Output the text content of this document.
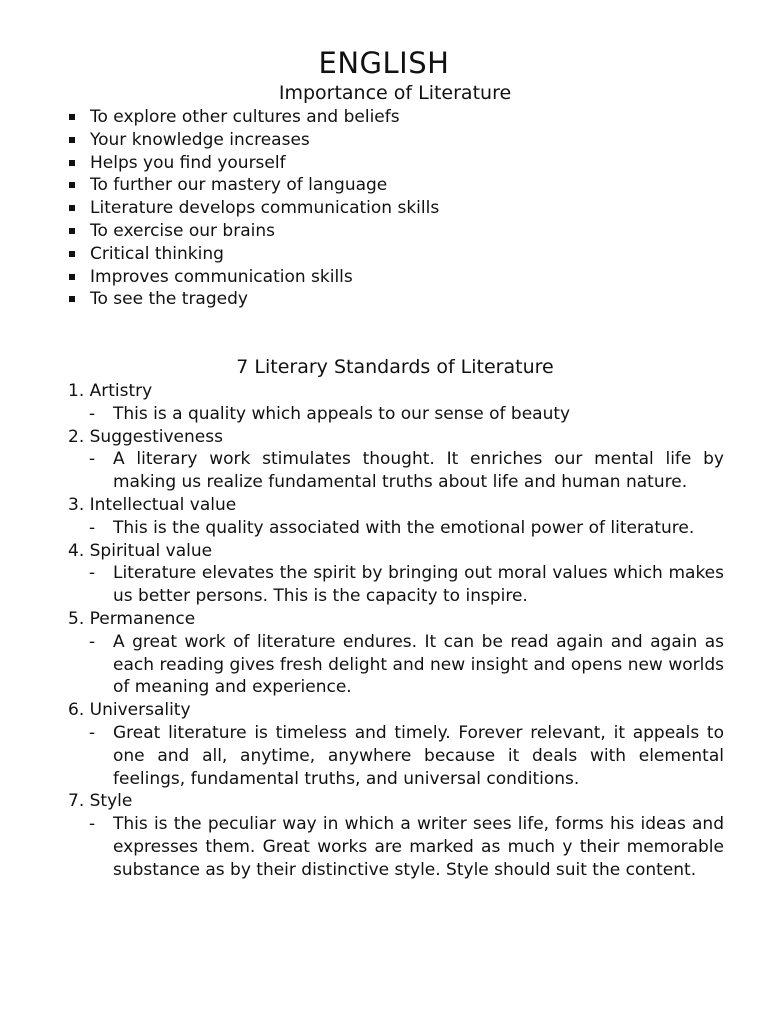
ENGLISH
Importance of Literature
To explore other cultures and beliefs
Your knowledge increases
Helps you find yourself
To further our mastery of language
Literature develops communication skills
To exercise our brains
Critical thinking
Improves communication skills
To see the tragedy
7 Literary Standards of Literature
1. Artistry
- This is a quality which appeals to our sense of beauty
2. Suggestiveness
- A literary work stimulates thought. It enriches our mental life by making us realize fundamental truths about life and human nature.
3. Intellectual value
- This is the quality associated with the emotional power of literature.
4. Spiritual value
- Literature elevates the spirit by bringing out moral values which makes us better persons. This is the capacity to inspire.
5. Permanence
- A great work of literature endures. It can be read again and again as each reading gives fresh delight and new insight and opens new worlds of meaning and experience.
6. Universality
- Great literature is timeless and timely. Forever relevant, it appeals to one and all, anytime, anywhere because it deals with elemental feelings, fundamental truths, and universal conditions.
7. Style
- This is the peculiar way in which a writer sees life, forms his ideas and expresses them. Great works are marked as much y their memorable substance as by their distinctive style. Style should suit the content.
